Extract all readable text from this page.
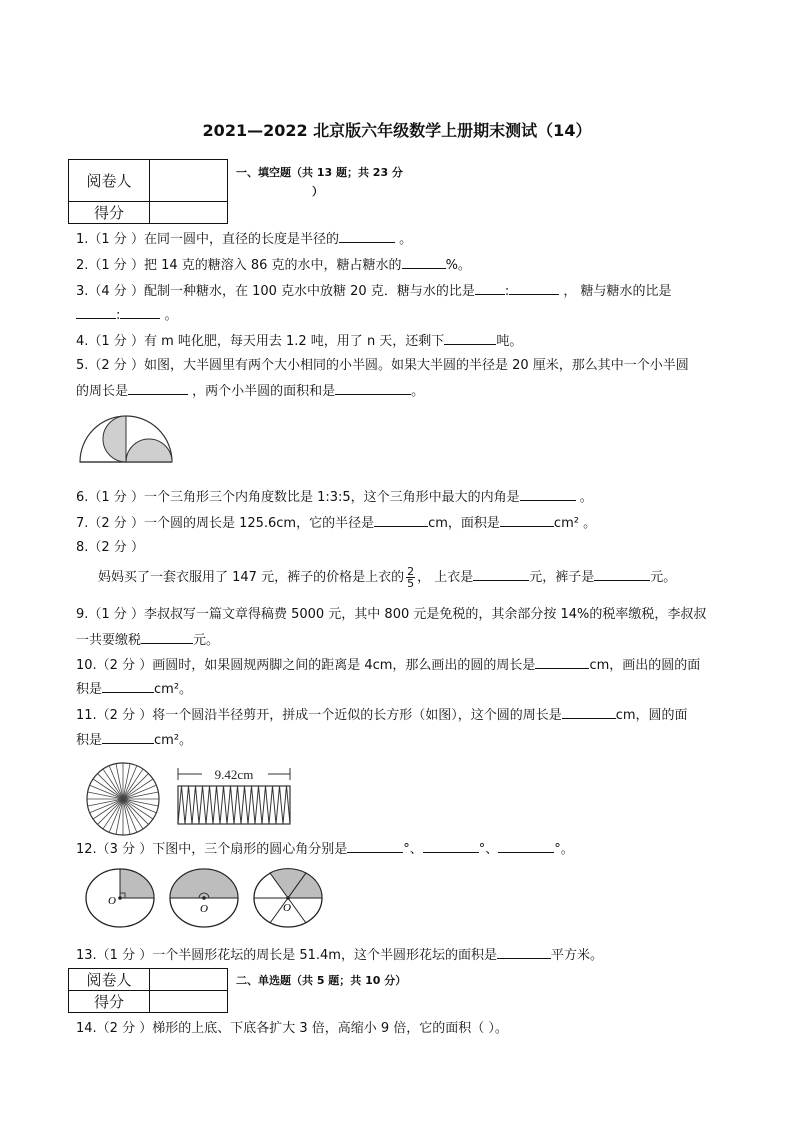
2021—2022 北京版六年级数学上册期末测试（14）
阅卷人	
得分	
一、填空题（共 13 题；共 23 分
）
1.（1 分 ）在同一圆中，直径的长度是半径的	。
2.（1 分 ）把 14 克的糖溶入 86 克的水中，糖占糖水的	%。
3.（4 分 ）配制一种糖水，在 100 克水中放糖 20 克．糖与水的比是 :	， 糖与糖水的比是
:	。
4.（1 分 ）有 m 吨化肥，每天用去 1.2 吨，用了 n 天，还剩下	吨。
5.（2 分 ）如图，大半圆里有两个大小相同的小半圆。如果大半圆的半径是 20 厘米，那么其中一个小半圆
的周长是	，两个小半圆的面积和是	。
6.（1 分 ）一个三角形三个内角度数比是 1:3:5，这个三角形中最大的内角是	。
7.（2 分 ）一个圆的周长是 125.6cm，它的半径是	cm，面积是	cm² 。
8.（2 分 ）
妈妈买了一套衣服用了 147 元，裤子的价格是上衣的 $\frac{2}{5}$ ， 上衣是	元，裤子是	元。
9.（1 分 ）李叔叔写一篇文章得稿费 5000 元，其中 800 元是免税的，其余部分按 14%的税率缴税，李叔叔
一共要缴税	元。
10.（2 分 ）画圆时，如果圆规两脚之间的距离是 4cm，那么画出的圆的周长是	cm，画出的圆的面
积是	cm²。
11.（2 分 ）将一个圆沿半径剪开，拼成一个近似的长方形（如图），这个圆的周长是	cm，圆的面
积是	cm²。
9.42cm
12.（3 分 ）下图中，三个扇形的圆心角分别是	°、	°、	°。
O
O	O
13.（1 分 ）一个半圆形花坛的周长是 51.4m，这个半圆形花坛的面积是	平方米。
阅卷人	
得分	
二、单选题（共 5 题；共 10 分）
14.（2 分 ）梯形的上底、下底各扩大 3 倍，高缩小 9 倍，它的面积（ ）。
